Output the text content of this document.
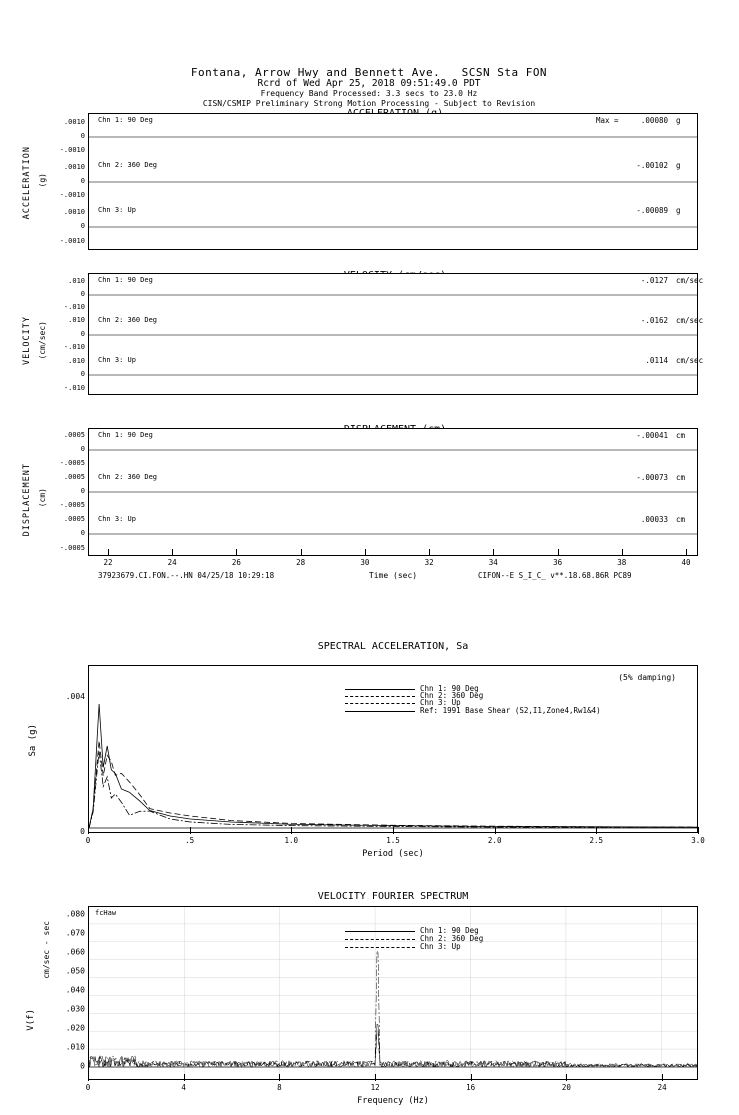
Fontana, Arrow Hwy and Bennett Ave.   SCSN Sta FON
Rcrd of Wed Apr 25, 2018 09:51:49.0 PDT
Frequency Band Processed: 3.3 secs to 23.0 Hz
CISN/CSMIP Preliminary Strong Motion Processing - Subject to Revision
ACCELERATION (g)
Chn 1: 90 Deg
Chn 2: 360 Deg
Chn 3: Up
Max =	.00080 g
-.00102 g
-.00089 g
.0010
0
-.0010
.0010
0
-.0010
.0010
0
-.0010
VELOCITY (cm/sec)
Chn 1: 90 Deg
Chn 2: 360 Deg
Chn 3: Up
-.0127 cm/sec
-.0162 cm/sec
.0114 cm/sec
.010
0
-.010
.010
0
-.010
.010
0
-.010
DISPLACEMENT (cm)
Chn 1: 90 Deg
Chn 2: 360 Deg
Chn 3: Up
-.00041 cm
-.00073 cm
.00033 cm
.0005
0
-.0005
.0005
0
-.0005
.0005
0
-.0005
22	24	26	28	30	32	34	36	38	40
Time (sec)
37923679.CI.FON.--.HN 04/25/18 10:29:18	CIFON--E S_I_C_ v**.18.68.86R PC89
SPECTRAL ACCELERATION, Sa
Sa (g)
.004
0
(5% damping)
0	.5	1.0	1.5	2.0	2.5	3.0
Period (sec)
Chn 1: 90 Deg
Chn 2: 360 Deg
Chn 3: Up
Ref: 1991 Base Shear (S2,I1,Zone4,Rw1&4)
VELOCITY FOURIER SPECTRUM
V(f)
cm/sec - sec
fcHaw
.080
.070
.060
.050
.040
.030
.020
.010
0
0	4	8	12	16	20	24
Frequency (Hz)
Chn 1: 90 Deg
Chn 2: 360 Deg
Chn 3: Up
